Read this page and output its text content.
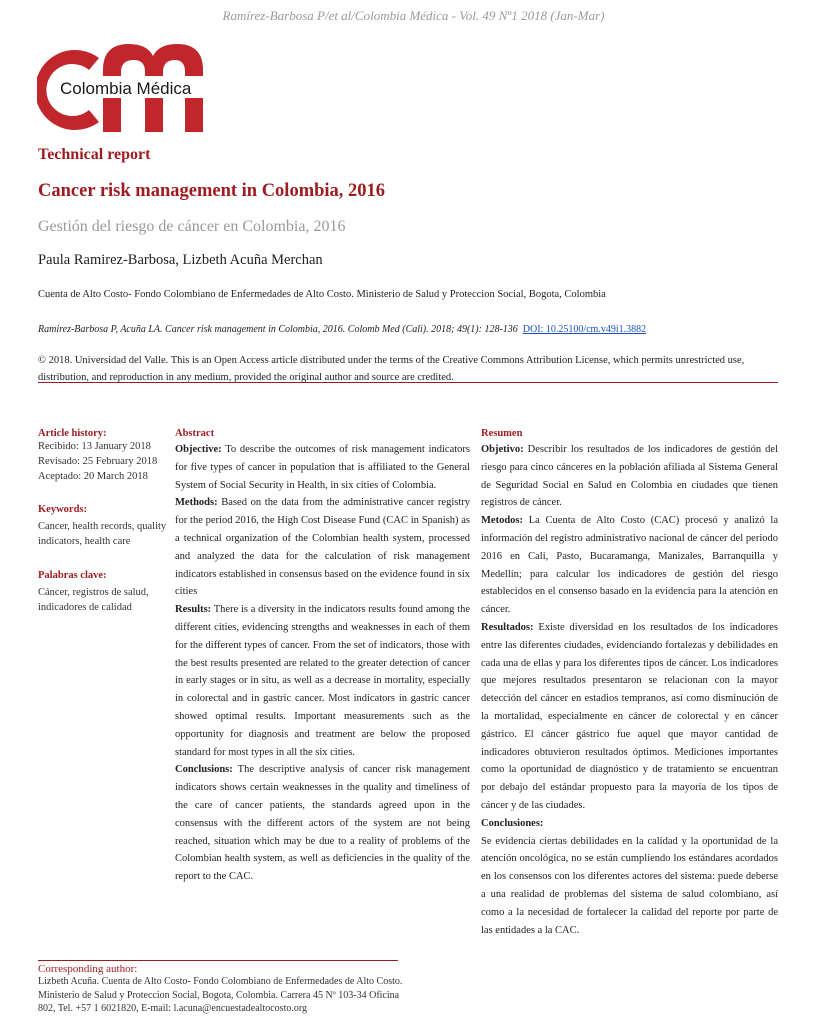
Ramírez-Barbosa P/et al/Colombia Médica - Vol. 49 Nº1 2018 (Jan-Mar)
Colombia Médica
Technical report
Cancer risk management in Colombia, 2016
Gestión del riesgo de cáncer en Colombia, 2016
Paula Ramirez-Barbosa, Lizbeth Acuña Merchan
Cuenta de Alto Costo- Fondo Colombiano de Enfermedades de Alto Costo. Ministerio de Salud y Proteccion Social, Bogota, Colombia
Ramirez-Barbosa P, Acuña LA. Cancer risk management in Colombia, 2016. Colomb Med (Cali). 2018; 49(1): 128-136 DOI: 10.25100/cm.v49i1.3882
© 2018. Universidad del Valle. This is an Open Access article distributed under the terms of the Creative Commons Attribution License, which permits unrestricted use, distribution, and reproduction in any medium, provided the original author and source are credited.

Article history:

Recibido: 13 January 2018

Revisado: 25 February 2018

Aceptado: 20 March 2018

Keywords:

Cancer, health records, quality indicators, health care

Palabras clave:

Cáncer, registros de salud, indicadores de calidad

Abstract

Objective: To describe the outcomes of risk management indicators for five types of cancer in population that is affiliated to the General System of Social Security in Health, in six cities of Colombia.

Methods: Based on the data from the administrative cancer registry for the period 2016, the High Cost Disease Fund (CAC in Spanish) as a technical organization of the Colombian health system, processed and analyzed the data for the calculation of risk management indicators established in consensus based on the evidence found in six cities

Results: There is a diversity in the indicators results found among the different cities, evidencing strengths and weaknesses in each of them for the different types of cancer. From the set of indicators, those with the best results presented are related to the greater detection of cancer in early stages or in situ, as well as a decrease in mortality, especially in colorectal and in gastric cancer. Most indicators in gastric cancer showed optimal results. Important measurements such as the opportunity for diagnosis and treatment are below the proposed standard for most types in all the six cities.

Conclusions: The descriptive analysis of cancer risk management indicators shows certain weaknesses in the quality and timeliness of the care of cancer patients, the standards agreed upon in the consensus with the different actors of the system are not being reached, situation which may be due to a reality of problems of the Colombian health system, as well as deficiencies in the quality of the report to the CAC.

Resumen

Objetivo: Describir los resultados de los indicadores de gestión del riesgo para cinco cánceres en la población afiliada al Sistema General de Seguridad Social en Salud en Colombia en ciudades que tienen registros de cáncer.

Metodos: La Cuenta de Alto Costo (CAC) procesó y analizó la información del registro administrativo nacional de cáncer del periodo 2016 en Cali, Pasto, Bucaramanga, Manizales, Barranquilla y Medellín; para calcular los indicadores de gestión del riesgo establecidos en el consenso basado en la evidencia para la atención en cáncer.

Resultados: Existe diversidad en los resultados de los indicadores entre las diferentes ciudades, evidenciando fortalezas y debilidades en cada una de ellas y para los diferentes tipos de cáncer. Los indicadores que mejores resultados presentaron se relacionan con la mayor detección del cáncer en estadios tempranos, así como disminución de la mortalidad, especialmente en cáncer de colorectal y en cáncer gástrico. El cáncer gástrico fue aquel que mayor cantidad de indicadores obtuvieron resultados óptimos. Mediciones importantes como la oportunidad de diagnóstico y de tratamiento se encuentran por debajo del estándar propuesto para la mayoría de los tipos de cáncer y de las ciudades.

Conclusiones:

Se evidencia ciertas debilidades en la calidad y la oportunidad de la atención oncológica, no se están cumpliendo los estándares acordados en los consensos con los diferentes actores del sistema: puede deberse a una realidad de problemas del sistema de salud colombiano, así como a la necesidad de fortalecer la calidad del reporte por parte de las entidades a la CAC.

Corresponding author:

Lizbeth Acuña. Cuenta de Alto Costo- Fondo Colombiano de Enfermedades de Alto Costo. Ministerio de Salud y Proteccion Social, Bogota, Colombia. Carrera 45 Nº 103-34 Oficina 802, Tel. +57 1 6021820, E-mail: l.acuna@encuestadealtocosto.org
